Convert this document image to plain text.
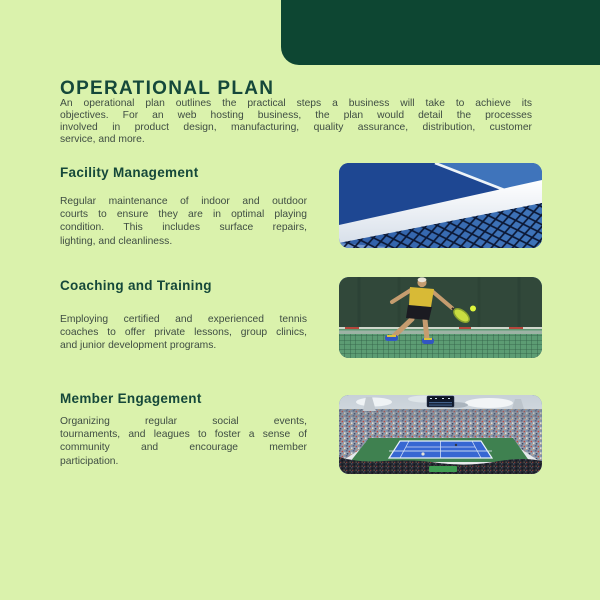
OPERATIONAL PLAN
An operational plan outlines the practical steps a business will take to achieve its
objectives. For an web hosting business, the plan would detail the processes
involved in product design, manufacturing, quality assurance, distribution, customer
service, and more.
Facility Management
Regular maintenance of indoor and outdoor
courts to ensure they are in optimal playing
condition. This includes surface repairs,
lighting, and cleanliness.
Coaching and Training
Employing certified and experienced tennis
coaches to offer private lessons, group clinics,
and junior development programs.
Member Engagement
Organizing regular social events,
tournaments, and leagues to foster a sense of
community and encourage member
participation.
